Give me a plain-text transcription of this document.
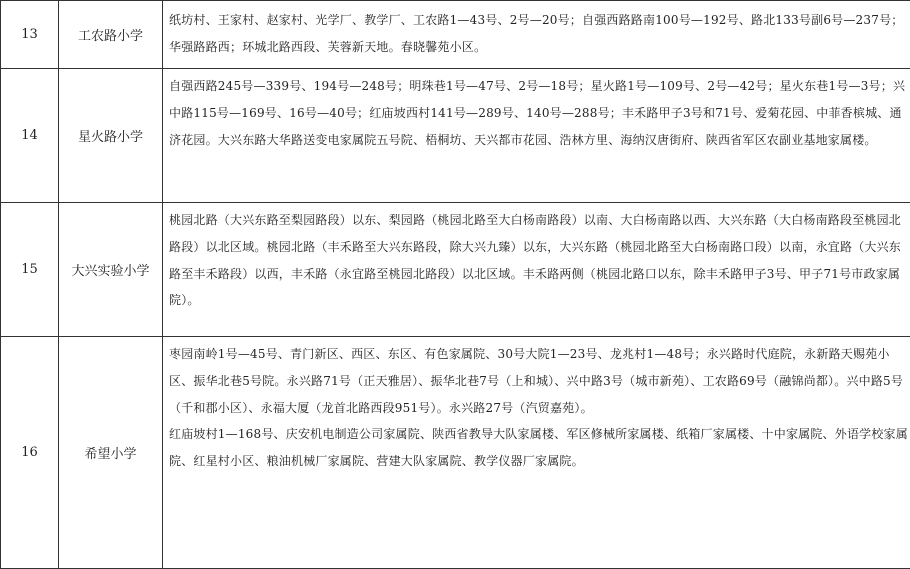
13	工农路小学	纸坊村、王家村、赵家村、光学厂、教学厂、工农路1—43号、2号—20号；自强西路路南100号—192号、路北133号副6号—237号；华强路路西；环城北路西段、芙蓉新天地。春晓馨苑小区。

14	星火路小学	自强西路245号—339号、194号—248号；明珠巷1号—47号、2号—18号；星火路1号—109号、2号—42号；星火东巷1号—3号；兴中路115号—169号、16号—40号；红庙坡西村141号—289号、140号—288号；丰禾路甲子3号和71号、爱菊花园、中菲香槟城、通济花园。大兴东路大华路送变电家属院五号院、梧桐坊、天兴都市花园、浩林方里、海纳汉唐街府、陕西省军区农副业基地家属楼。

15	大兴实验小学	桃园北路（大兴东路至梨园路段）以东、梨园路（桃园北路至大白杨南路段）以南、大白杨南路以西、大兴东路（大白杨南路段至桃园北路段）以北区域。桃园北路（丰禾路至大兴东路段，除大兴九臻）以东，大兴东路（桃园北路至大白杨南路口段）以南，永宜路（大兴东路至丰禾路段）以西，丰禾路（永宜路至桃园北路段）以北区域。丰禾路两侧（桃园北路口以东，除丰禾路甲子3号、甲子71号市政家属院）。

16	希望小学	枣园南岭1号—45号、青门新区、西区、东区、有色家属院、30号大院1—23号、龙兆村1—48号；永兴路时代庭院，永新路天赐苑小区、振华北巷5号院。永兴路71号（正天雅居）、振华北巷7号（上和城）、兴中路3号（城市新苑）、工农路69号（融锦尚都）。兴中路5号（千和郡小区）、永福大厦（龙首北路西段951号）。永兴路27号（汽贸嘉苑）。
红庙坡村1—168号、庆安机电制造公司家属院、陕西省教导大队家属楼、军区修械所家属楼、纸箱厂家属楼、十中家属院、外语学校家属院、红星村小区、粮油机械厂家属院、营建大队家属院、教学仪器厂家属院。
